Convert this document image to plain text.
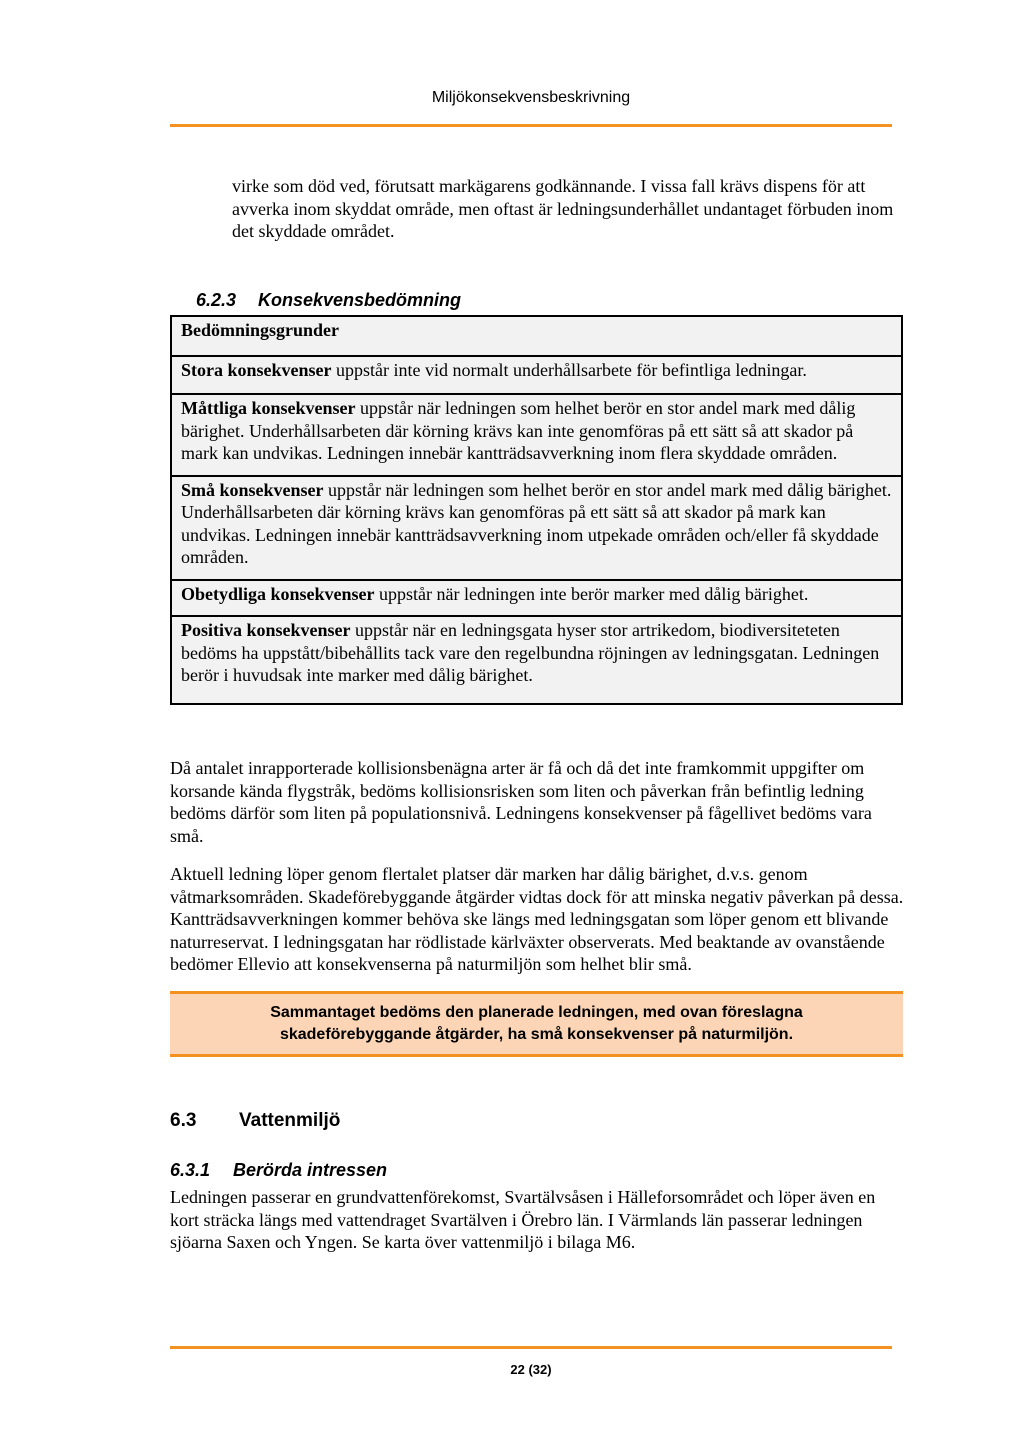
Miljökonsekvensbeskrivning

virke som död ved, förutsatt markägarens godkännande. I vissa fall krävs dispens för att avverka inom skyddat område, men oftast är ledningsunderhållet undantaget förbuden inom det skyddade området.

6.2.3 Konsekvensbedömning
Bedömningsgrunder
Stora konsekvenser uppstår inte vid normalt underhållsarbete för befintliga ledningar.
Måttliga konsekvenser uppstår när ledningen som helhet berör en stor andel mark med dålig bärighet. Underhållsarbeten där körning krävs kan inte genomföras på ett sätt så att skador på mark kan undvikas. Ledningen innebär kantträdsavverkning inom flera skyddade områden.
Små konsekvenser uppstår när ledningen som helhet berör en stor andel mark med dålig bärighet. Underhållsarbeten där körning krävs kan genomföras på ett sätt så att skador på mark kan undvikas. Ledningen innebär kantträdsavverkning inom utpekade områden och/eller få skyddade områden.
Obetydliga konsekvenser uppstår när ledningen inte berör marker med dålig bärighet.
Positiva konsekvenser uppstår när en ledningsgata hyser stor artrikedom, biodiversiteteten bedöms ha uppstått/bibehållits tack vare den regelbundna röjningen av ledningsgatan. Ledningen berör i huvudsak inte marker med dålig bärighet.

Då antalet inrapporterade kollisionsbenägna arter är få och då det inte framkommit uppgifter om korsande kända flygstråk, bedöms kollisionsrisken som liten och påverkan från befintlig ledning bedöms därför som liten på populationsnivå. Ledningens konsekvenser på fågellivet bedöms vara små.

Aktuell ledning löper genom flertalet platser där marken har dålig bärighet, d.v.s. genom våtmarksområden. Skadeförebyggande åtgärder vidtas dock för att minska negativ påverkan på dessa. Kantträdsavverkningen kommer behöva ske längs med ledningsgatan som löper genom ett blivande naturreservat. I ledningsgatan har rödlistade kärlväxter observerats. Med beaktande av ovanstående bedömer Ellevio att konsekvenserna på naturmiljön som helhet blir små.

Sammantaget bedöms den planerade ledningen, med ovan föreslagna skadeförebyggande åtgärder, ha små konsekvenser på naturmiljön.

6.3 Vattenmiljö
6.3.1 Berörda intressen

Ledningen passerar en grundvattenförekomst, Svartälvsåsen i Hälleforsområdet och löper även en kort sträcka längs med vattendraget Svartälven i Örebro län. I Värmlands län passerar ledningen sjöarna Saxen och Yngen. Se karta över vattenmiljö i bilaga M6.

22 (32)
